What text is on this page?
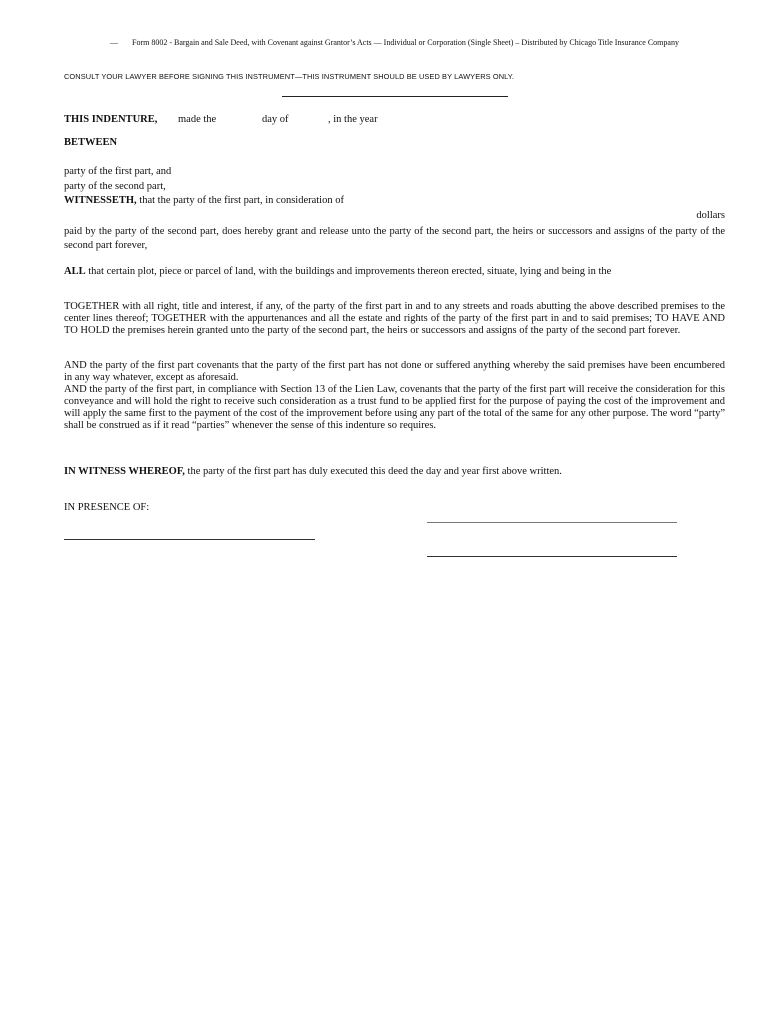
— Form 8002 - Bargain and Sale Deed, with Covenant against Grantor’s Acts — Individual or Corporation (Single Sheet) – Distributed by Chicago Title Insurance Company

CONSULT YOUR LAWYER BEFORE SIGNING THIS INSTRUMENT—THIS INSTRUMENT SHOULD BE USED BY LAWYERS ONLY.

THIS INDENTURE, made the	day of	, in the year

BETWEEN

party of the first part, and

party of the second part,

WITNESSETH, that the party of the first part, in consideration of

dollars

paid by the party of the second part, does hereby grant and release unto the party of the second part, the heirs or successors and assigns of the party of the second part forever,

ALL that certain plot, piece or parcel of land, with the buildings and improvements thereon erected, situate, lying and being in the

TOGETHER with all right, title and interest, if any, of the party of the first part in and to any streets and roads abutting the above described premises to the center lines thereof; TOGETHER with the appurtenances and all the estate and rights of the party of the first part in and to said premises; TO HAVE AND TO HOLD the premises herein granted unto the party of the second part, the heirs or successors and assigns of the party of the second part forever.

AND the party of the first part covenants that the party of the first part has not done or suffered anything whereby the said premises have been encumbered in any way whatever, except as aforesaid.

AND the party of the first part, in compliance with Section 13 of the Lien Law, covenants that the party of the first part will receive the consideration for this conveyance and will hold the right to receive such consideration as a trust fund to be applied first for the purpose of paying the cost of the improvement and will apply the same first to the payment of the cost of the improvement before using any part of the total of the same for any other purpose. The word “party” shall be construed as if it read “parties” whenever the sense of this indenture so requires.

IN WITNESS WHEREOF, the party of the first part has duly executed this deed the day and year first above written.

IN PRESENCE OF:
